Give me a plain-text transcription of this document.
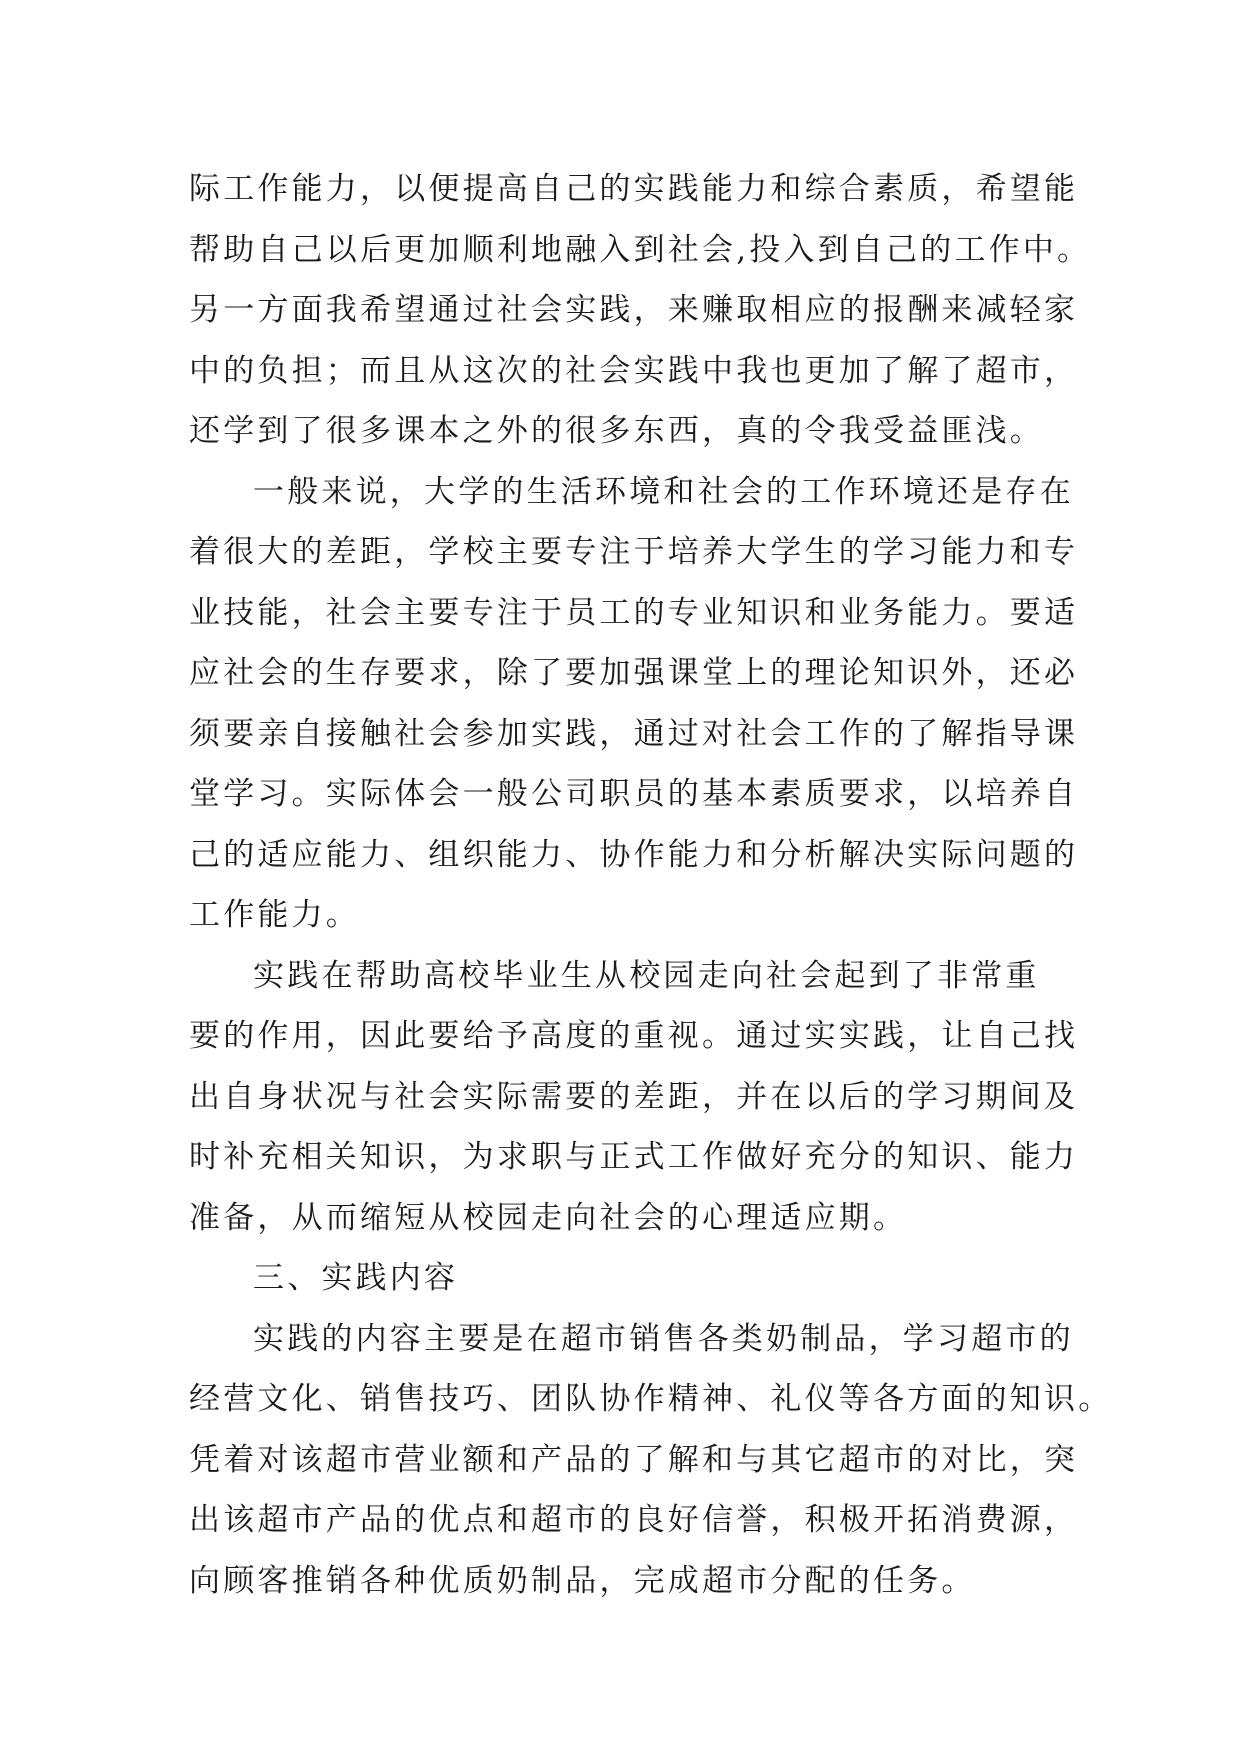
际工作能力，以便提高自己的实践能力和综合素质，希望能
帮助自己以后更加顺利地融入到社会,投入到自己的工作中。
另一方面我希望通过社会实践，来赚取相应的报酬来减轻家
中的负担；而且从这次的社会实践中我也更加了解了超市，
还学到了很多课本之外的很多东西，真的令我受益匪浅。
一般来说，大学的生活环境和社会的工作环境还是存在
着很大的差距，学校主要专注于培养大学生的学习能力和专
业技能，社会主要专注于员工的专业知识和业务能力。要适
应社会的生存要求，除了要加强课堂上的理论知识外，还必
须要亲自接触社会参加实践，通过对社会工作的了解指导课
堂学习。实际体会一般公司职员的基本素质要求，以培养自
己的适应能力、组织能力、协作能力和分析解决实际问题的
工作能力。
实践在帮助高校毕业生从校园走向社会起到了非常重
要的作用，因此要给予高度的重视。通过实实践，让自己找
出自身状况与社会实际需要的差距，并在以后的学习期间及
时补充相关知识，为求职与正式工作做好充分的知识、能力
准备，从而缩短从校园走向社会的心理适应期。
三、实践内容
实践的内容主要是在超市销售各类奶制品，学习超市的
经营文化、销售技巧、团队协作精神、礼仪等各方面的知识。
凭着对该超市营业额和产品的了解和与其它超市的对比，突
出该超市产品的优点和超市的良好信誉，积极开拓消费源，
向顾客推销各种优质奶制品，完成超市分配的任务。
